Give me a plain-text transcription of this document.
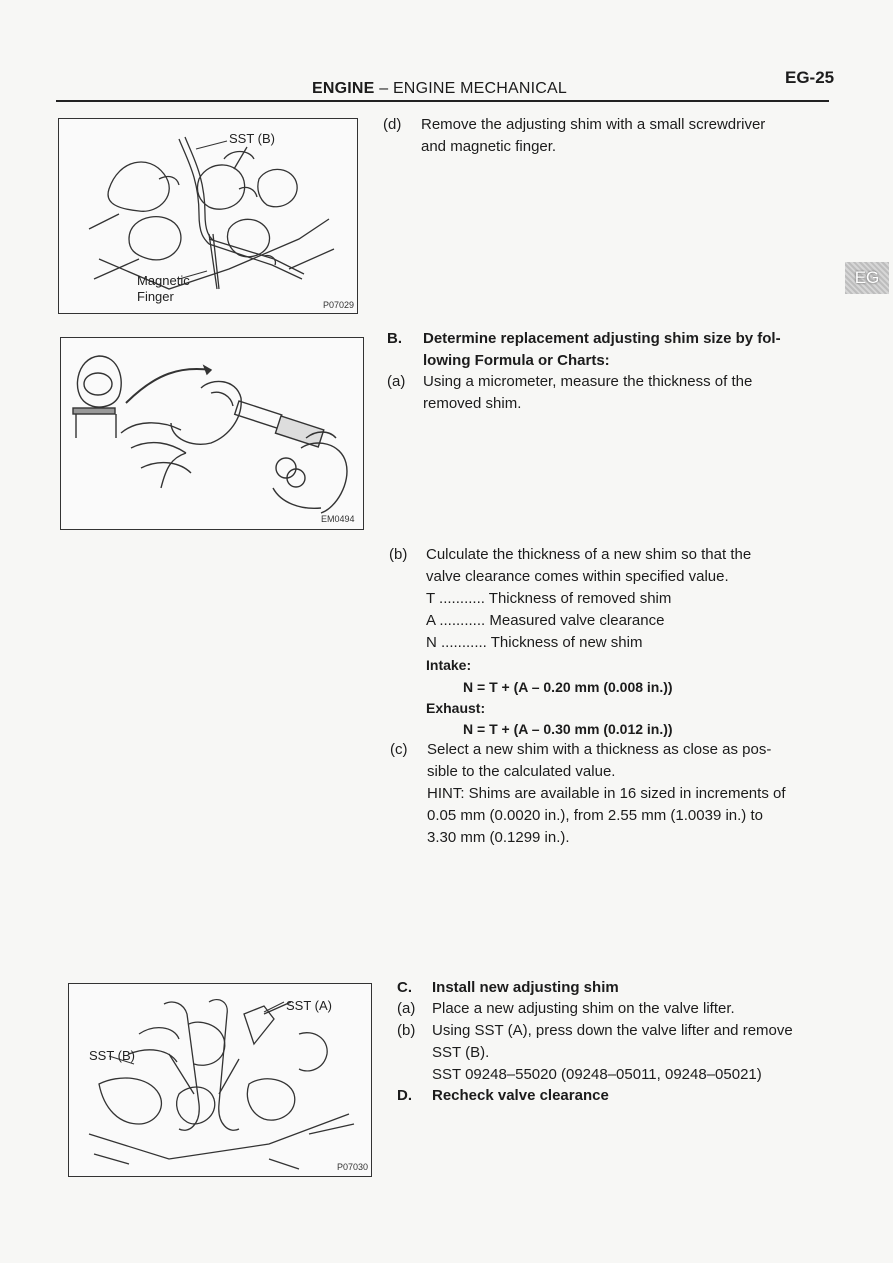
ENGINE – ENGINE MECHANICAL
EG-25
EG
SST (B)
Magnetic
Finger
P07029
EM0494
SST (A)
SST (B)
P07030
(d) Remove the adjusting shim with a small screwdriver
and magnetic finger.
B. Determine replacement adjusting shim size by fol-
lowing Formula or Charts:
(a) Using a micrometer, measure the thickness of the
removed shim.
(b) Culculate the thickness of a new shim so that the
valve clearance comes within specified value.
T ........... Thickness of removed shim
A ........... Measured valve clearance
N ........... Thickness of new shim
Intake:
N = T + (A – 0.20 mm (0.008 in.))
Exhaust:
N = T + (A – 0.30 mm (0.012 in.))
(c) Select a new shim with a thickness as close as pos-
sible to the calculated value.
HINT: Shims are available in 16 sized in increments of
0.05 mm (0.0020 in.), from 2.55 mm (1.0039 in.) to
3.30 mm (0.1299 in.).
C. Install new adjusting shim
(a) Place a new adjusting shim on the valve lifter.
(b) Using SST (A), press down the valve lifter and remove
SST (B).
SST 09248–55020 (09248–05011, 09248–05021)
D. Recheck valve clearance
